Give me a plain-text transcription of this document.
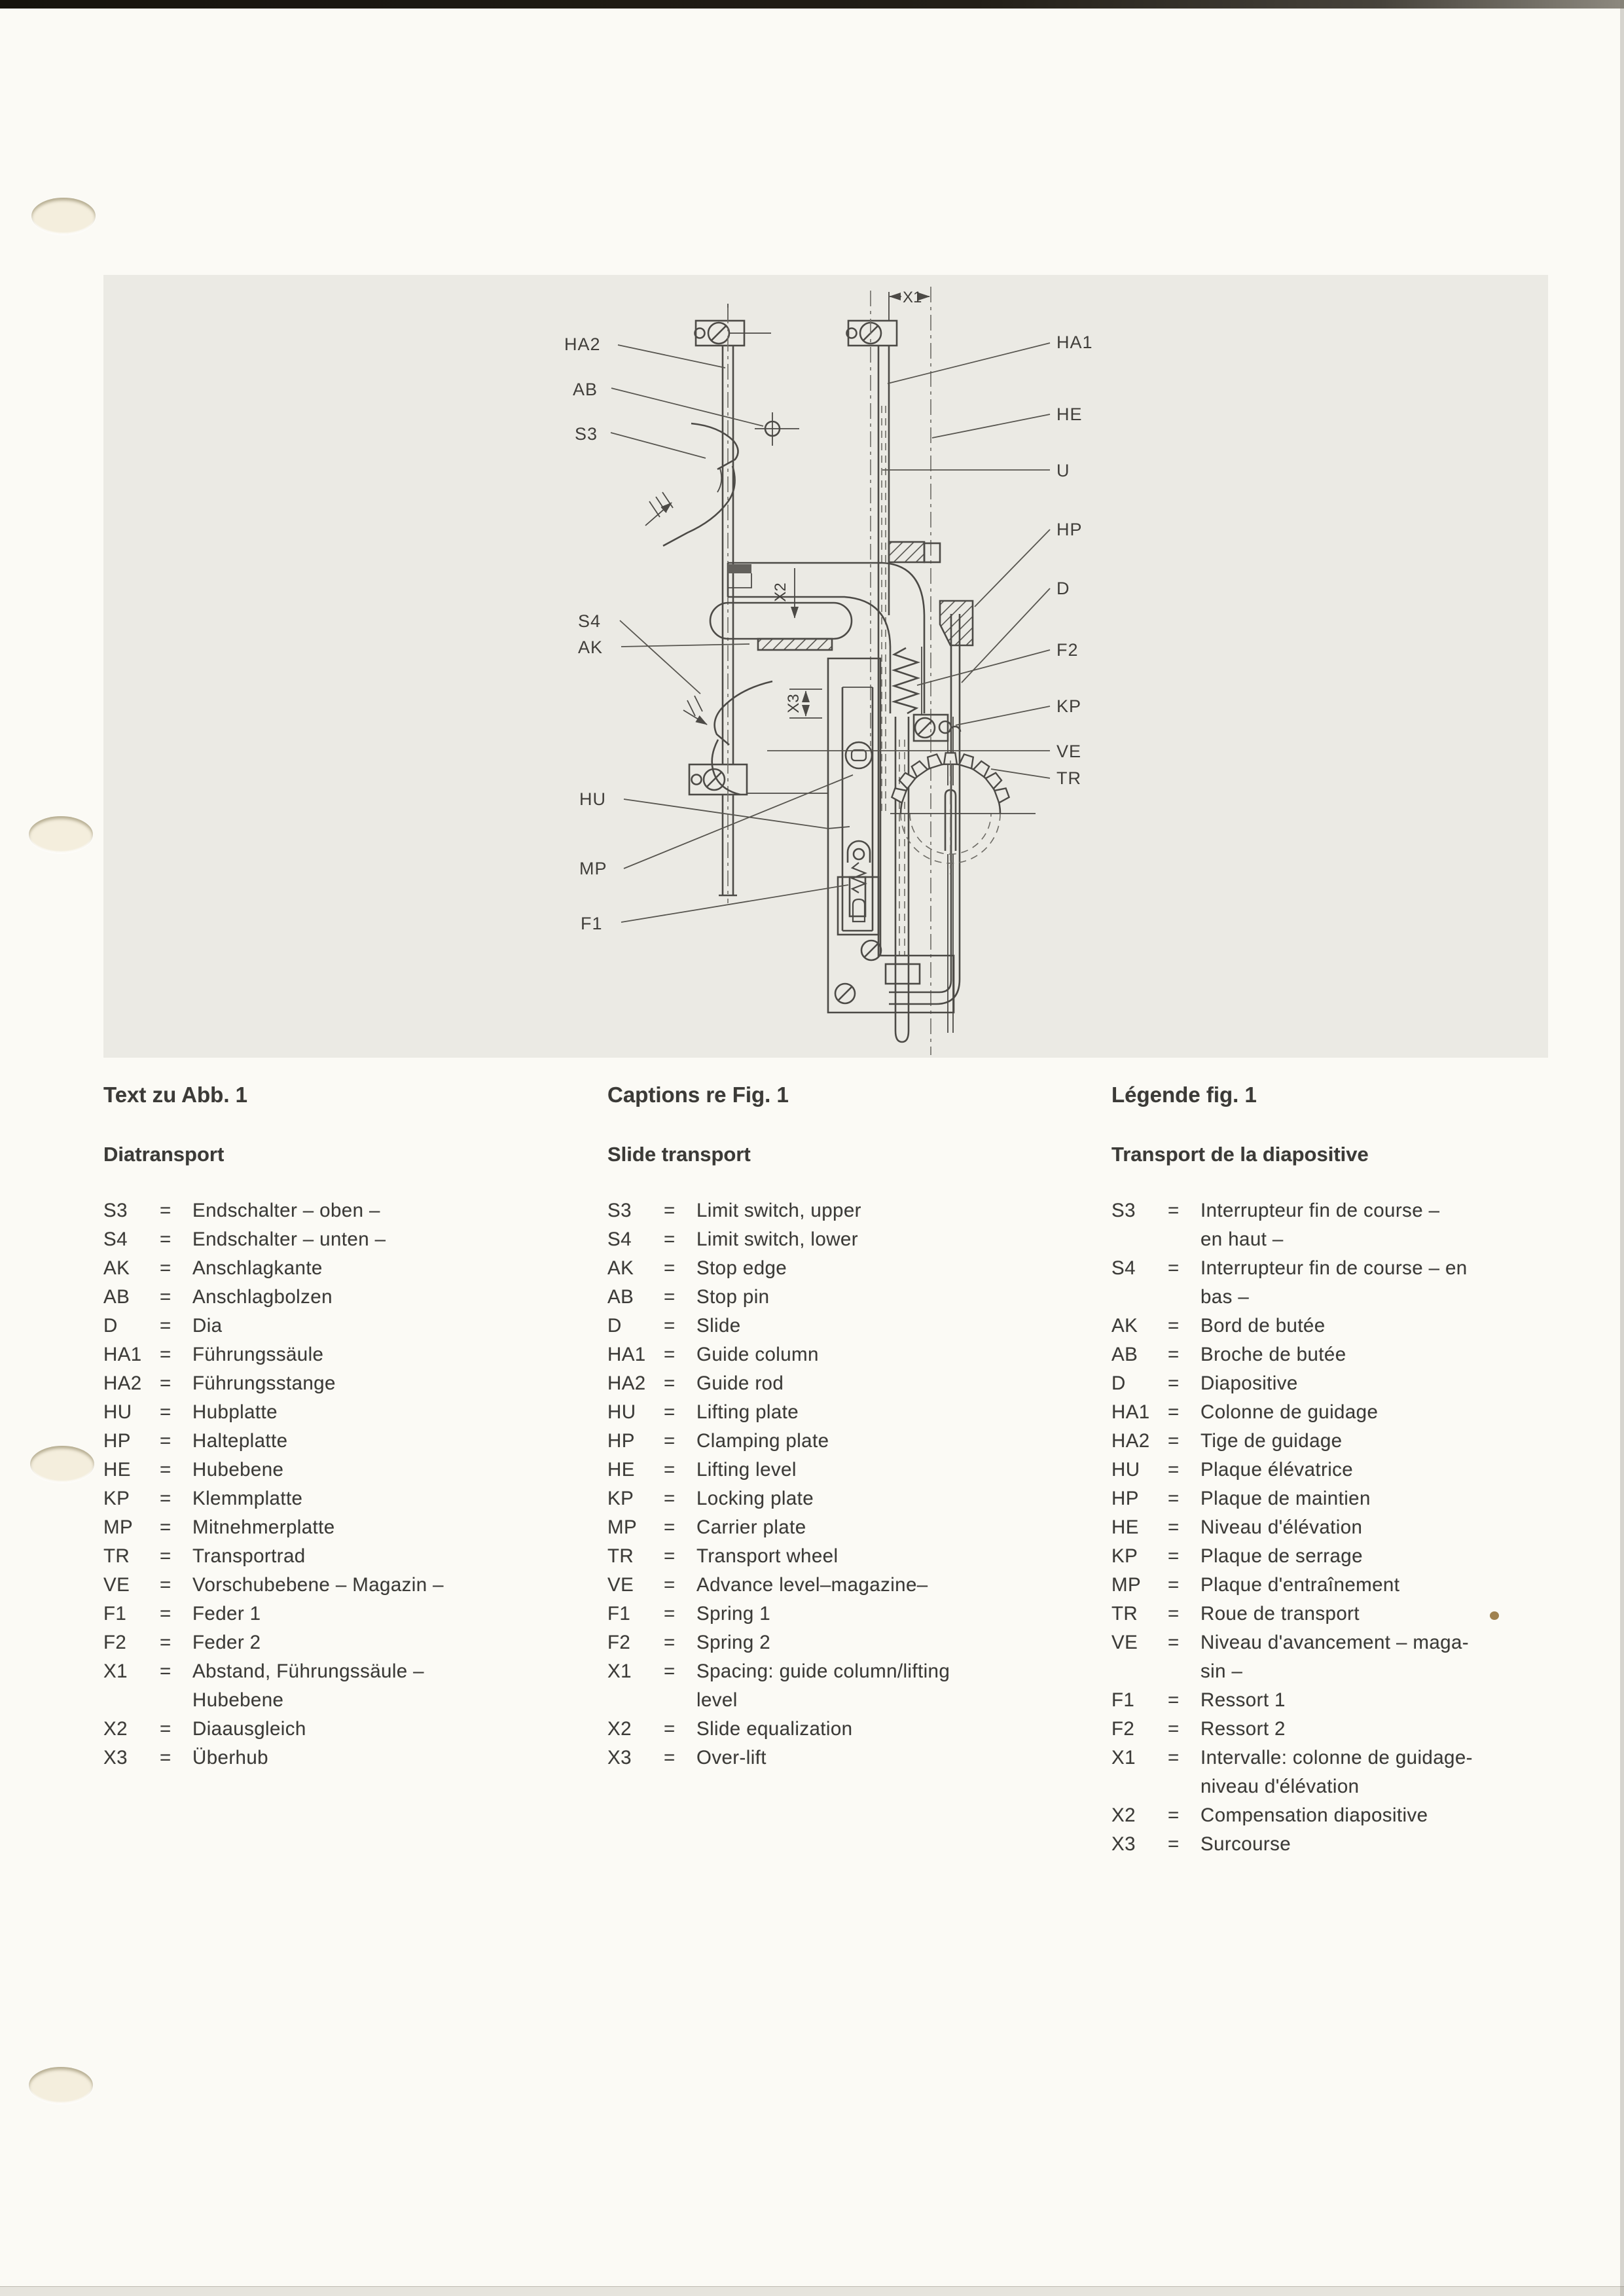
HA2
AB
S3
S4
AK
HU
MP
F1
HA1
HE
U
HP
D
F2
KP
VE
TR
X1
X2
X3
Text zu Abb. 1
Diatransport
S3	=	Endschalter – oben –
S4	=	Endschalter – unten –
AK	=	Anschlagkante
AB	=	Anschlagbolzen
D	=	Dia
HA1 =	Führungssäule
HA2 =	Führungsstange
HU	=	Hubplatte
HP	=	Halteplatte
HE	=	Hubebene
KP	=	Klemmplatte
MP	=	Mitnehmerplatte
TR	=	Transportrad
VE	=	Vorschubebene – Magazin –
F1	=	Feder 1
F2	=	Feder 2
X1	=	Abstand, Führungssäule –
Hubebene
X2	=	Diaausgleich
X3	=	Überhub
Captions re Fig. 1
Slide transport
S3	=	Limit switch, upper
S4	=	Limit switch, lower
AK	=	Stop edge
AB	=	Stop pin
D	=	Slide
HA1 =	Guide column
HA2 =	Guide rod
HU	=	Lifting plate
HP	=	Clamping plate
HE	=	Lifting level
KP	=	Locking plate
MP	=	Carrier plate
TR	=	Transport wheel
VE	=	Advance level–magazine–
F1	=	Spring 1
F2	=	Spring 2
X1	=	Spacing: guide column/lifting
level
X2	=	Slide equalization
X3	=	Over-lift
Légende fig. 1
Transport de la diapositive
S3	=	Interrupteur fin de course –
en haut –
S4	=	Interrupteur fin de course – en
bas –
AK	=	Bord de butée
AB	=	Broche de butée
D	=	Diapositive
HA1 =	Colonne de guidage
HA2 =	Tige de guidage
HU	=	Plaque élévatrice
HP	=	Plaque de maintien
HE	=	Niveau d'élévation
KP	=	Plaque de serrage
MP	=	Plaque d'entraînement
TR	=	Roue de transport
VE	=	Niveau d'avancement – maga-
sin –
F1	=	Ressort 1
F2	=	Ressort 2
X1	=	Intervalle: colonne de guidage-
niveau d'élévation
X2	=	Compensation diapositive
X3	=	Surcourse
